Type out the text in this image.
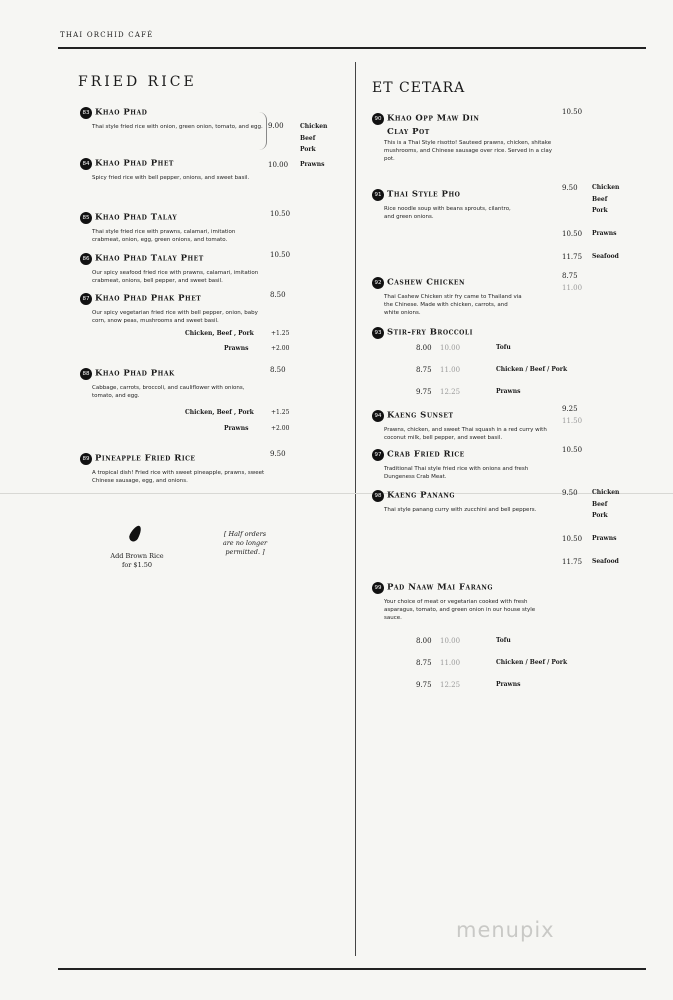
THAI ORCHID CAFÉ
FRIED RICE
83 Khao Phad
Thai style fried rice with onion, green onion, tomato, and egg. 9.00	Chicken
Beef
Pork
84 Khao Phad Phet
Spicy fried rice with bell pepper, onions, and sweet basil.
10.00 Prawns
85 Khao Phad Talay
Thai style fried rice with prawns, calamari, imitation crabmeat, onion, egg, green onions, and tomato.
10.50
86 Khao Phad Talay Phet
Our spicy seafood fried rice with prawns, calamari, imitation crabmeat, onions, bell pepper, and sweet basil.
10.50
87 Khao Phad Phak Phet
Our spicy vegetarian fried rice with bell pepper, onion, baby corn, snow peas, mushrooms and sweet basil.
8.50
Chicken, Beef , Pork	+1.25
Prawns	+2.00
88 Khao Phad Phak
Cabbage, carrots, broccoli, and cauliflower with onions, tomato, and egg.
8.50
Chicken, Beef , Pork	+1.25
Prawns	+2.00
89 Pineapple Fried Rice
A tropical dish! Fried rice with sweet pineapple, prawns, sweet Chinese sausage, egg, and onions.
9.50
Add Brown Rice for $1.50
[ Half orders are no longer permitted. ]
ET CETARA
90 Khao Opp Maw Din
Clay Pot
This is a Thai Style risotto! Sauteed prawns, chicken, shitake mushrooms, and Chinese sausage over rice. Served in a clay pot.
10.50
91 Thai Style Pho
Rice noodle soup with beans sprouts, cilantro, and green onions.
9.50 Chicken
Beef
Pork
10.50 Prawns
11.75 Seafood
92 Cashew Chicken
Thai Cashew Chicken stir fry came to Thailand via the Chinese. Made with chicken, carrots, and white onions.
8.75
11.00
93 Stir-fry Broccoli
8.00 10.00	Tofu
8.75 11.00	Chicken / Beef / Pork
9.75 12.25	Prawns
94 Kaeng Sunset
Prawns, chicken, and sweet Thai squash in a red curry with coconut milk, bell pepper, and sweet basil.
9.25
11.50
97 Crab Fried Rice
Traditional Thai style fried rice with onions and fresh Dungeness Crab Meat.
10.50
98 Kaeng Panang
Thai style panang curry with zucchini and bell peppers.
9.50 Chicken
Beef
Pork
10.50 Prawns
11.75 Seafood
99 Pad Naaw Mai Farang
Your choice of meat or vegetarian cooked with fresh asparagus, tomato, and green onion in our house style sauce.
8.00 10.00	Tofu
8.75 11.00	Chicken / Beef / Pork
9.75 12.25	Prawns
menupix
